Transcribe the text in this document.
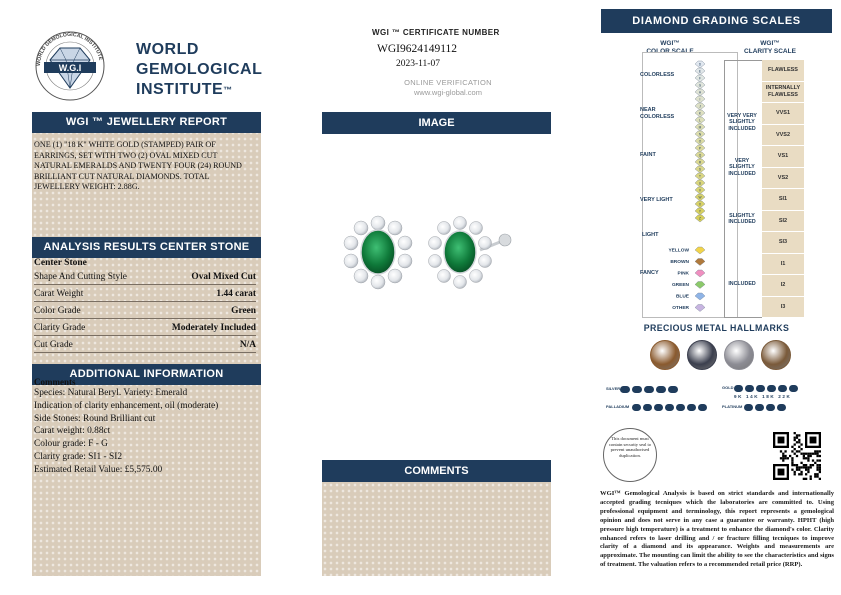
W.G.I
WORLD GEMOLOGICAL INSTITUTE
WORLD
GEMOLOGICAL
INSTITUTE™
WGI ™ JEWELLERY REPORT
ONE (1) "18 K" WHITE GOLD (STAMPED) PAIR OF EARRINGS, SET WITH TWO (2) OVAL MIXED CUT NATURAL EMERALDS AND TWENTY FOUR (24) ROUND BRILLIANT CUT NATURAL DIAMONDS. TOTAL JEWELLERY WEIGHT: 2.88G.
ANALYSIS RESULTS CENTER STONE
Center Stone
Shape And Cutting Style	Oval Mixed Cut
Carat Weight	1.44 carat
Color Grade	Green
Clarity Grade	Moderately Included
Cut Grade	N/A
ADDITIONAL INFORMATION
Comments
Species: Natural Beryl. Variety: Emerald
Indication of clarity enhancement, oil (moderate)
Side Stones: Round Brilliant cut
Carat weight: 0.88ct
Colour grade: F - G
Clarity grade: SI1 - SI2
Estimated Retail Value: £5,575.00
WGI ™ CERTIFICATE NUMBER
WGI9624149112
2023-11-07
ONLINE VERIFICATION
www.wgi-global.com
IMAGE
COMMENTS
DIAMOND GRADING SCALES
WGI™
COLOR SCALE
WGI™
CLARITY SCALE
COLORLESS
NEAR COLORLESS
FAINT
VERY LIGHT
LIGHT
FANCY
D
E
F
G
H
I
J
K
L
M
N
O
P
Q
R
S
T
U
V
W
X
Y
Z
YELLOW
BROWN
PINK
GREEN
BLUE
OTHER
VERY VERY SLIGHTLY INCLUDED
VERY SLIGHTLY INCLUDED
SLIGHTLY INCLUDED
INCLUDED
FLAWLESS
INTERNALLY FLAWLESS
VVS1
VVS2
VS1
VS2
SI1
SI2
SI3
I1
I2
I3
PRECIOUS METAL HALLMARKS
SILVER
PALLADIUM
GOLD
PLATINUM
9K 14K 18K 22K
This document must contain security seal to prevent unauthorised duplication.
WGI™ Gemological Analysis is based on strict standards and internationally accepted grading tecniques which the laboratories are committed to. Using professional equipment and terminology, this report represents a gemological opinion and does not serve in any case a guarantee or warranty. HPHT (high pressure high temperature) is a treatment to enhance the diamond's color. Clarity enhanced refers to laser drilling and / or fracture filling tecniques to improve clarity of a diamond and its appearance. Weights and measurements are approximate. The mounting can limit the ability to see the characteristics and signs of treatment. The valuation refers to a recommended retail price (RRP).
